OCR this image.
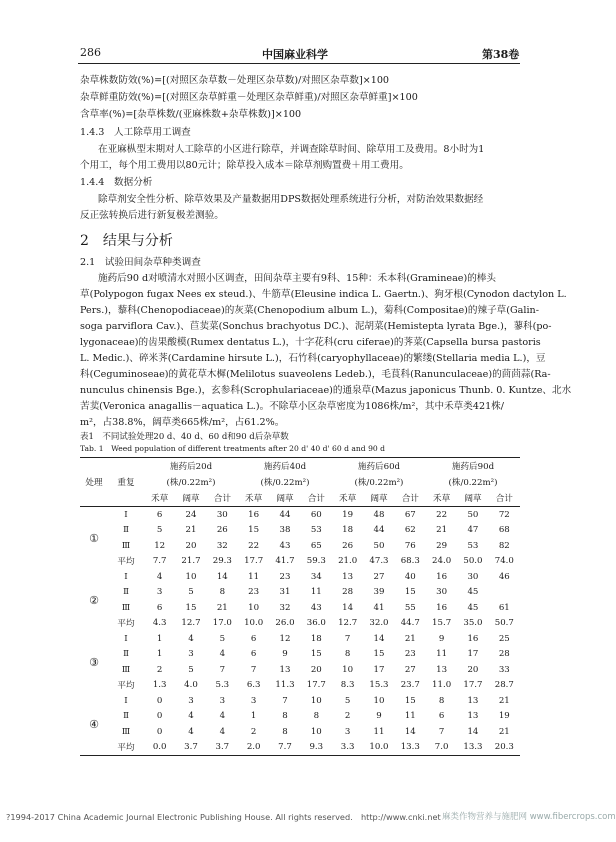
286	中国麻业科学	第38卷
杂草株数防效(%)=[(对照区杂草数－处理区杂草数)/对照区杂草数]×100
杂草鲜重防效(%)=[(对照区杂草鲜重－处理区杂草鲜重)/对照区杂草鲜重]×100
含草率(%)=[杂草株数/(亚麻株数+杂草株数)]×100
1.4.3　人工除草用工调查
在亚麻枞型末期对人工除草的小区进行除草，并调查除草时间、除草用工及费用。8小时为1
个用工，每个用工费用以80元计；除草投入成本＝除草剂购置费＋用工费用。
1.4.4　数据分析
除草剂安全性分析、除草效果及产量数据用DPS数据处理系统进行分析，对防治效果数据经
反正弦转换后进行新复极差测验。
2　结果与分析
2.1　试验田间杂草种类调查
施药后90 d对喷清水对照小区调查，田间杂草主要有9科、15种：禾本科(Gramineae)的棒头
草(Polypogon fugax Nees ex steud.)、牛筋草(Eleusine indica L. Gaertn.)、狗牙根(Cynodon dactylon L.
Pers.)，藜科(Chenopodiaceae)的灰菜(Chenopodium album L.)，菊科(Compositae)的辣子草(Galin-
soga parviflora Cav.)、苣荬菜(Sonchus brachyotus DC.)、泥胡菜(Hemistepta lyrata Bge.)，蓼科(po-
lygonaceae)的齿果酸模(Rumex dentatus L.)，十字花科(cru ciferae)的荠菜(Capsella bursa pastoris
L. Medic.)、碎米荠(Cardamine hirsute L.)，石竹科(caryophyllaceae)的繁缕(Stellaria media L.)，豆
科(Ceguminoseae)的黄花草木樨(Melilotus suaveolens Ledeb.)，毛茛科(Ranunculaceae)的茴茴蒜(Ra-
nunculus chinensis Bge.)，玄参科(Scrophulariaceae)的通泉草(Mazus japonicus Thunb. 0. Kuntze、北水
苦荬(Veronica anagallis－aquatica L.)。不除草小区杂草密度为1086株/m²，其中禾草类421株/
m²，占38.8%，阔草类665株/m²，占61.2%。
表1　不同试验处理20 d、40 d、60 d和90 d后杂草数
Tab. 1　Weed population of different treatments after 20 d' 40 d' 60 d and 90 d
处理	重复	施药后20d			施药后40d			施药后60d			施药后90d		
		(株/0.22m²)			(株/0.22m²)			(株/0.22m²)			(株/0.22m²)		
		禾草	阔草	合计	禾草	阔草	合计	禾草	阔草	合计	禾草	阔草	合计
①	Ⅰ	6	24	30	16	44	60	19	48	67	22	50	72
	Ⅱ	5	21	26	15	38	53	18	44	62	21	47	68
	Ⅲ	12	20	32	22	43	65	26	50	76	29	53	82
	平均	7.7	21.7	29.3	17.7	41.7	59.3	21.0	47.3	68.3	24.0	50.0	74.0
②	Ⅰ	4	10	14	11	23	34	13	27	40	16	30	46
	Ⅱ	3	5	8	23	31	11	28	39	15	30	45	
	Ⅲ	6	15	21	10	32	43	14	41	55	16	45	61
	平均	4.3	12.7	17.0	10.0	26.0	36.0	12.7	32.0	44.7	15.7	35.0	50.7
③	Ⅰ	1	4	5	6	12	18	7	14	21	9	16	25
	Ⅱ	1	3	4	6	9	15	8	15	23	11	17	28
	Ⅲ	2	5	7	7	13	20	10	17	27	13	20	33
	平均	1.3	4.0	5.3	6.3	11.3	17.7	8.3	15.3	23.7	11.0	17.7	28.7
④	Ⅰ	0	3	3	3	7	10	5	10	15	8	13	21
	Ⅱ	0	4	4	1	8	8	2	9	11	6	13	19
	Ⅲ	0	4	4	2	8	10	3	11	14	7	14	21
	平均	0.0	3.7	3.7	2.0	7.7	9.3	3.3	10.0	13.3	7.0	13.3	20.3
?1994-2017 China Academic Journal Electronic Publishing House. All rights reserved.　http://www.cnki.net 麻类作物营养与施肥网 www.fibercrops.com
